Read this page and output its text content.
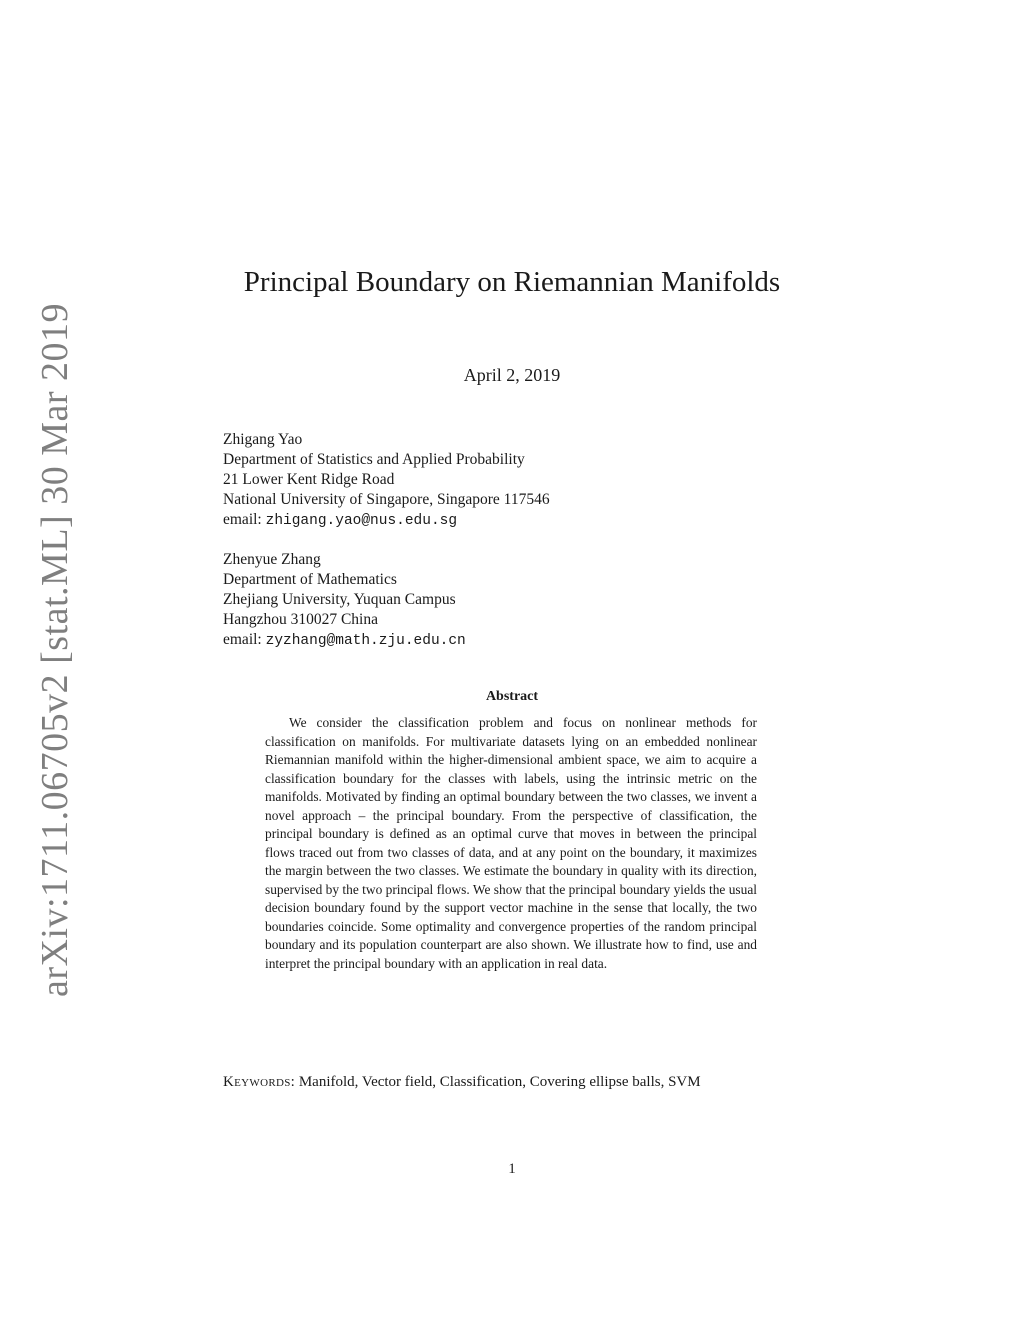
arXiv:1711.06705v2 [stat.ML] 30 Mar 2019
Principal Boundary on Riemannian Manifolds
April 2, 2019
Zhigang Yao
Department of Statistics and Applied Probability
21 Lower Kent Ridge Road
National University of Singapore, Singapore 117546
email: zhigang.yao@nus.edu.sg
Zhenyue Zhang
Department of Mathematics
Zhejiang University, Yuquan Campus
Hangzhou 310027 China
email: zyzhang@math.zju.edu.cn
Abstract
We consider the classification problem and focus on nonlinear methods for classification on manifolds. For multivariate datasets lying on an embedded nonlinear Riemannian manifold within the higher-dimensional ambient space, we aim to acquire a classification boundary for the classes with labels, using the intrinsic metric on the manifolds. Motivated by finding an optimal boundary between the two classes, we invent a novel approach – the principal boundary. From the perspective of classification, the principal boundary is defined as an optimal curve that moves in between the principal flows traced out from two classes of data, and at any point on the boundary, it maximizes the margin between the two classes. We estimate the boundary in quality with its direction, supervised by the two principal flows. We show that the principal boundary yields the usual decision boundary found by the support vector machine in the sense that locally, the two boundaries coincide. Some optimality and convergence properties of the random principal boundary and its population counterpart are also shown. We illustrate how to find, use and interpret the principal boundary with an application in real data.
Keywords: Manifold, Vector field, Classification, Covering ellipse balls, SVM
1
